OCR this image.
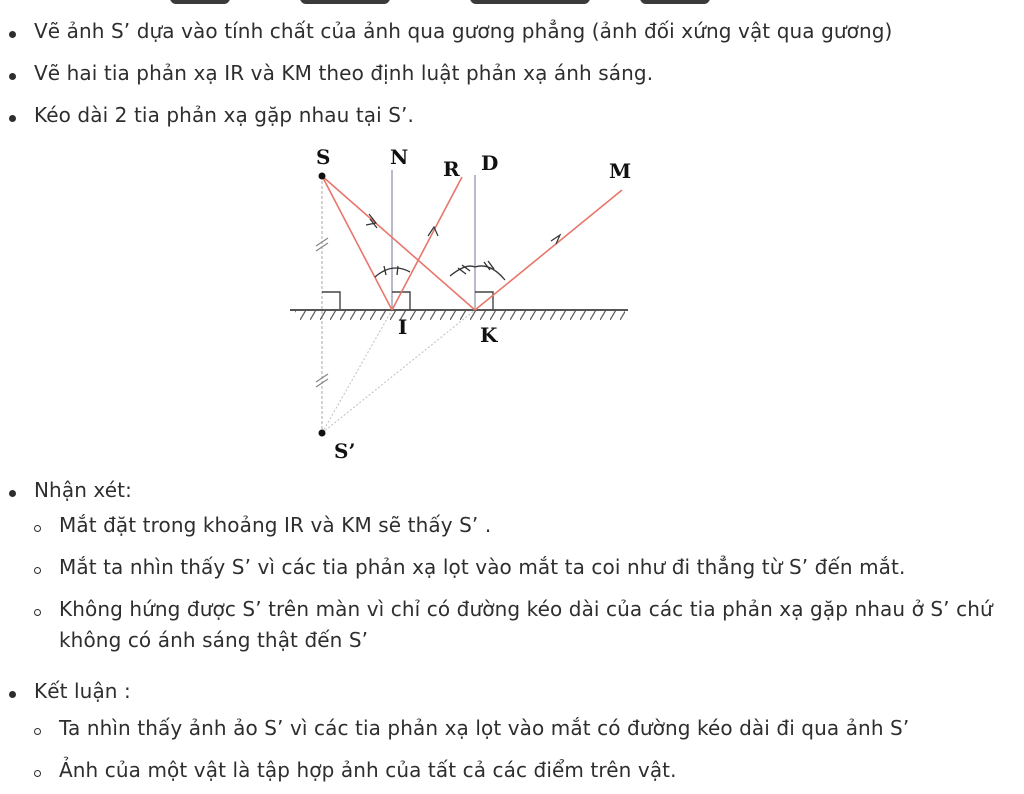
Vẽ ảnh S’ dựa vào tính chất của ảnh qua gương phẳng (ảnh đối xứng vật qua gương)
Vẽ hai tia phản xạ IR và KM theo định luật phản xạ ánh sáng.
Kéo dài 2 tia phản xạ gặp nhau tại S’.
S	N R D	M
I	K
S’
Nhận xét:
Mắt đặt trong khoảng IR và KM sẽ thấy S’ .
Mắt ta nhìn thấy S’ vì các tia phản xạ lọt vào mắt ta coi như đi thẳng từ S’ đến mắt.
Không hứng được S’ trên màn vì chỉ có đường kéo dài của các tia phản xạ gặp nhau ở S’ chứ không có ánh sáng thật đến S’
Kết luận :
Ta nhìn thấy ảnh ảo S’ vì các tia phản xạ lọt vào mắt có đường kéo dài đi qua ảnh S’
Ảnh của một vật là tập hợp ảnh của tất cả các điểm trên vật.
